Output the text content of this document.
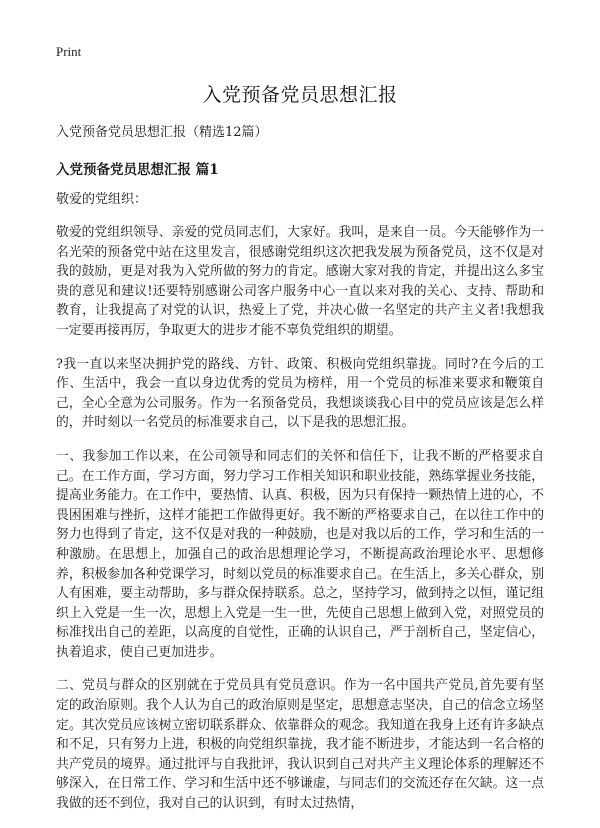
Print
入党预备党员思想汇报

入党预备党员思想汇报（精选12篇）

入党预备党员思想汇报 篇1

敬爱的党组织：

敬爱的党组织领导、亲爱的党员同志们，大家好。我叫，是来自一员。今天能够作为一名光荣的预备党中站在这里发言，很感谢党组织这次把我发展为预备党员，这不仅是对我的鼓励，更是对我为入党所做的努力的肯定。感谢大家对我的肯定，并提出这么多宝贵的意见和建议!还要特别感谢公司客户服务中心一直以来对我的关心、支持、帮助和教育，让我提高了对党的认识，热爱上了党，并决心做一名坚定的共产主义者!我想我一定要再接再厉，争取更大的进步才能不辜负党组织的期望。

?我一直以来坚决拥护党的路线、方针、政策、积极向党组织靠拢。同时?在今后的工作、生活中，我会一直以身边优秀的党员为榜样，用一个党员的标准来要求和鞭策自己，全心全意为公司服务。作为一名预备党员，我想谈谈我心目中的党员应该是怎么样的，并时刻以一名党员的标准要求自己，以下是我的思想汇报。

一、我参加工作以来，在公司领导和同志们的关怀和信任下，让我不断的严格要求自己。在工作方面，学习方面，努力学习工作相关知识和职业技能，熟练掌握业务技能，提高业务能力。在工作中，要热情、认真、积极，因为只有保持一颗热情上进的心，不畏困困难与挫折，这样才能把工作做得更好。我不断的严格要求自己，在以往工作中的努力也得到了肯定，这不仅是对我的一种鼓励，也是对我以后的工作，学习和生活的一种激励。在思想上，加强自己的政治思想理论学习，不断提高政治理论水平、思想修养，积极参加各种党课学习，时刻以党员的标准要求自己。在生活上，多关心群众，别人有困难，要主动帮助，多与群众保持联系。总之，坚持学习，做到持之以恒，谨记组织上入党是一生一次，思想上入党是一生一世，先使自己思想上做到入党，对照党员的标准找出自己的差距，以高度的自觉性，正确的认识自己，严于剖析自己，坚定信心，执着追求，使自己更加进步。

二、党员与群众的区别就在于党员具有党员意识。作为一名中国共产党员,首先要有坚定的政治原则。我个人认为自己的政治原则是坚定，思想意志坚决，自己的信念立场坚定。其次党员应该树立密切联系群众、依靠群众的观念。我知道在我身上还有许多缺点和不足，只有努力上进，积极的向党组织靠拢，我才能不断进步，才能达到一名合格的共产党员的境界。通过批评与自我批评，我认识到自己对共产主义理论体系的理解还不够深入，在日常工作、学习和生活中还不够谦虚，与同志们的交流还存在欠缺。这一点我做的还不到位，我对自己的认识到，有时太过热情，
